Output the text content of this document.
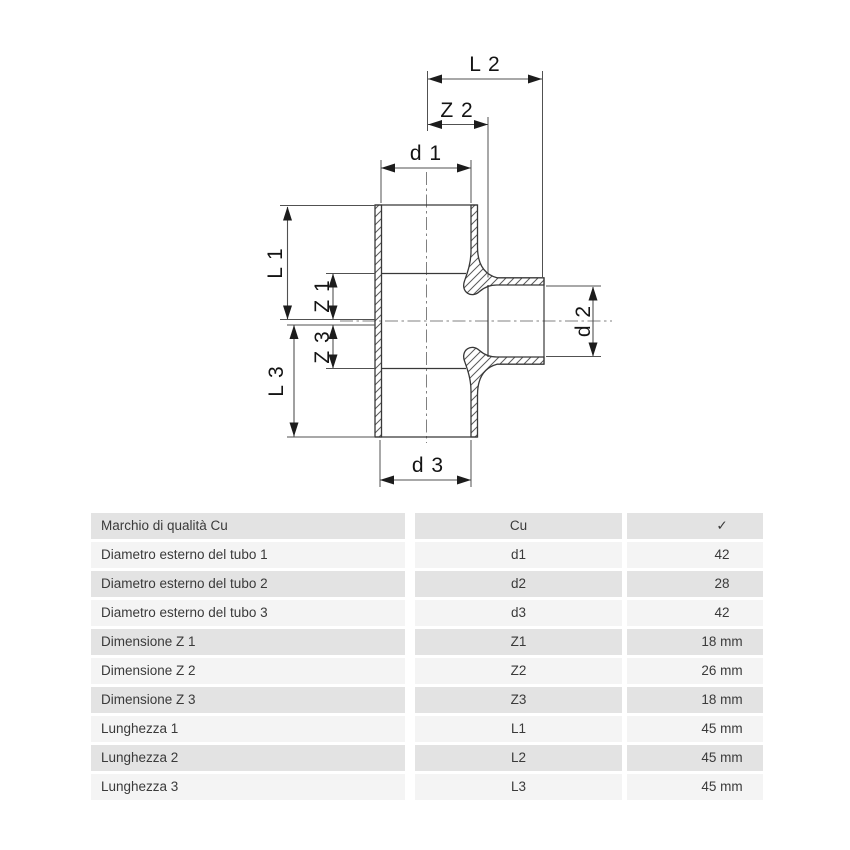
L 2
Z 2
d 1
L 1
Z 1
Z 3
L 3
d 2
d 3
Marchio di qualità Cu	Cu	✓
Diametro esterno del tubo 1	d1	42
Diametro esterno del tubo 2	d2	28
Diametro esterno del tubo 3	d3	42
Dimensione Z 1	Z1	18 mm
Dimensione Z 2	Z2	26 mm
Dimensione Z 3	Z3	18 mm
Lunghezza 1	L1	45 mm
Lunghezza 2	L2	45 mm
Lunghezza 3	L3	45 mm
